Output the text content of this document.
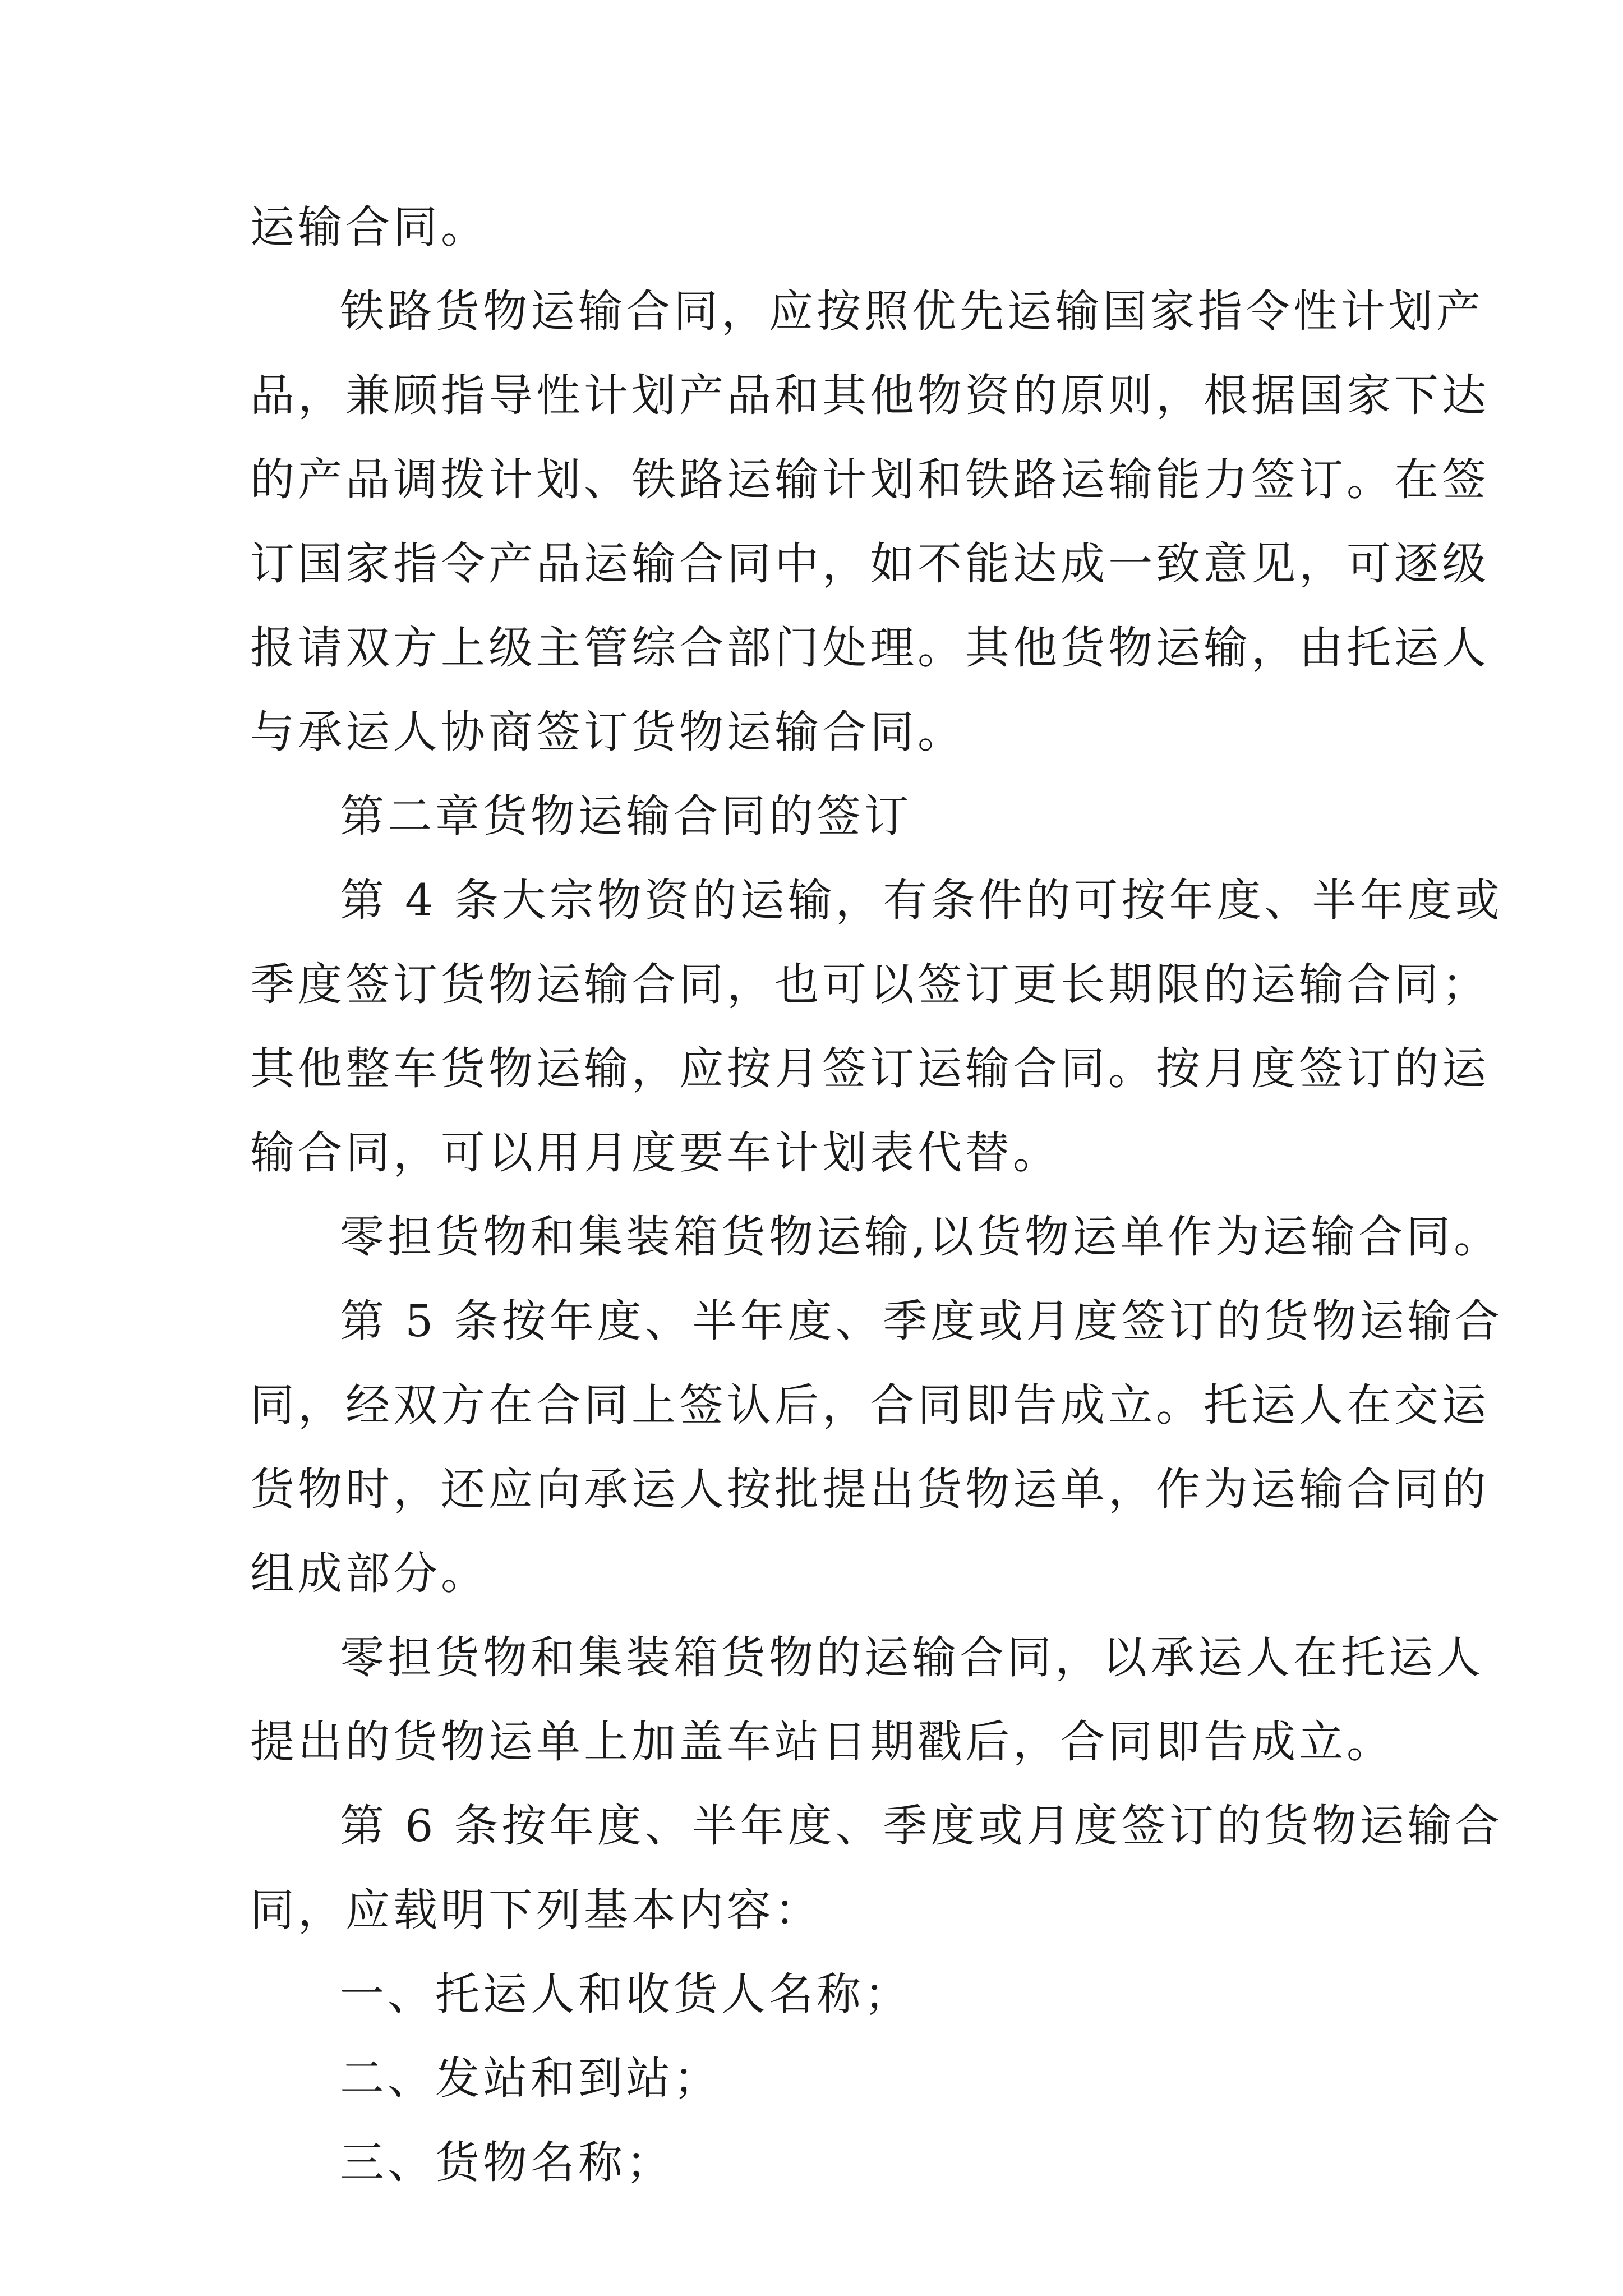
运输合同。
铁路货物运输合同，应按照优先运输国家指令性计划产
品，兼顾指导性计划产品和其他物资的原则，根据国家下达
的产品调拨计划、铁路运输计划和铁路运输能力签订。在签
订国家指令产品运输合同中，如不能达成一致意见，可逐级
报请双方上级主管综合部门处理。其他货物运输，由托运人
与承运人协商签订货物运输合同。
第二章货物运输合同的签订
第 4 条大宗物资的运输，有条件的可按年度、半年度或
季度签订货物运输合同，也可以签订更长期限的运输合同；
其他整车货物运输，应按月签订运输合同。按月度签订的运
输合同，可以用月度要车计划表代替。
零担货物和集装箱货物运输,以货物运单作为运输合同。
第 5 条按年度、半年度、季度或月度签订的货物运输合
同，经双方在合同上签认后，合同即告成立。托运人在交运
货物时，还应向承运人按批提出货物运单，作为运输合同的
组成部分。
零担货物和集装箱货物的运输合同，以承运人在托运人
提出的货物运单上加盖车站日期戳后，合同即告成立。
第 6 条按年度、半年度、季度或月度签订的货物运输合
同，应载明下列基本内容：
一、托运人和收货人名称；
二、发站和到站；
三、货物名称；
